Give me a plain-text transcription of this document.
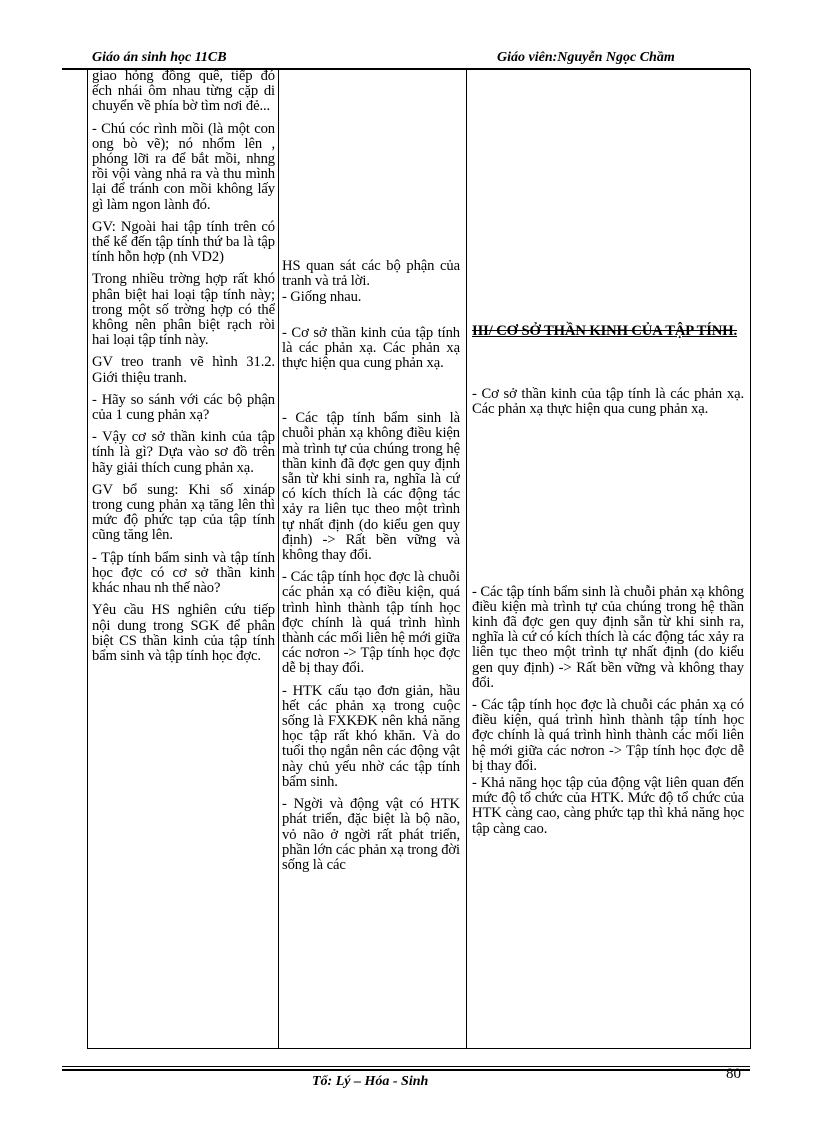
Giáo án sinh học 11CB	Giáo viên:Nguyễn Ngọc Chầm

giao hỏng đồng quê, tiếp đó ếch nhái ôm nhau từng cặp di chuyển về phía bờ tìm nơi đẻ...

- Chú cóc rình mồi (là một con ong bò vẽ); nó nhổm lên , phóng lỡi ra để bắt mồi, nhng rồi vội vàng nhả ra và thu mình lại để tránh con mồi không lấy gì làm ngon lành đó.

GV: Ngoài hai tập tính trên có thể kể đến tập tính thứ ba là tập tính hỗn hợp (nh VD2)

Trong nhiều trờng hợp rất khó phân biệt hai loại tập tính này; trong một số trờng hợp có thể không nên phân biệt rạch ròi hai loại tập tính này.

GV treo tranh vẽ hình 31.2. Giới thiệu tranh.

- Hãy so sánh với các bộ phận của 1 cung phản xạ?

- Vậy cơ sở thần kinh của tập tính là gì? Dựa vào sơ đồ trên hãy giải thích cung phản xạ.

GV bổ sung: Khi số xináp trong cung phản xạ tăng lên thì mức độ phức tạp của tập tính cũng tăng lên.

- Tập tính bẩm sinh và tập tính học đợc có cơ sở thần kinh khác nhau nh thế nào?

Yêu cầu HS nghiên cứu tiếp nội dung trong SGK để phân biệt CS thần kinh của tập tính bẩm sinh và tập tính học đợc.

HS quan sát các bộ phận của tranh và trả lời.

- Giống nhau.

- Cơ sở thần kinh của tập tính là các phản xạ. Các phản xạ thực hiện qua cung phản xạ.

- Các tập tính bẩm sinh là chuỗi phản xạ không điều kiện mà trình tự của chúng trong hệ thần kinh đã đợc gen quy định sẵn từ khi sinh ra, nghĩa là cứ có kích thích là các động tác xảy ra liên tục theo một trình tự nhất định (do kiểu gen quy định) -> Rất bền vững và không thay đổi.

- Các tập tính học đợc là chuỗi các phản xạ có điều kiện, quá trình hình thành tập tính học đợc chính là quá trình hình thành các mối liên hệ mới giữa các nơron -> Tập tính học đợc dễ bị thay đổi.

- HTK cấu tạo đơn giản, hầu hết các phản xạ trong cuộc sống là FXKĐK nên khả năng học tập rất khó khăn. Và do tuổi thọ ngắn nên các động vật này chủ yếu nhờ các tập tính bẩm sinh.

- Ngời và động vật có HTK phát triển, đặc biệt là bộ não, vỏ não ở ngời rất phát triển, phần lớn các phản xạ trong đời sống là các

III/ CƠ SỞ THẦN KINH CỦA TẬP TÍNH.

- Cơ sở thần kinh của tập tính là các phản xạ. Các phản xạ thực hiện qua cung phản xạ.

- Các tập tính bẩm sinh là chuỗi phản xạ không điều kiện mà trình tự của chúng trong hệ thần kinh đã đợc gen quy định sẵn từ khi sinh ra, nghĩa là cứ có kích thích là các động tác xảy ra liên tục theo một trình tự nhất định (do kiểu gen quy định) -> Rất bền vững và không thay đổi.

- Các tập tính học đợc là chuỗi các phản xạ có điều kiện, quá trình hình thành tập tính học đợc chính là quá trình hình thành các mối liên hệ mới giữa các nơron -> Tập tính học đợc dễ bị thay đổi.

- Khả năng học tập của động vật liên quan đến mức độ tổ chức của HTK. Mức độ tổ chức của HTK càng cao, càng phức tạp thì khả năng học tập càng cao.

Tổ: Lý – Hóa - Sinh	80
